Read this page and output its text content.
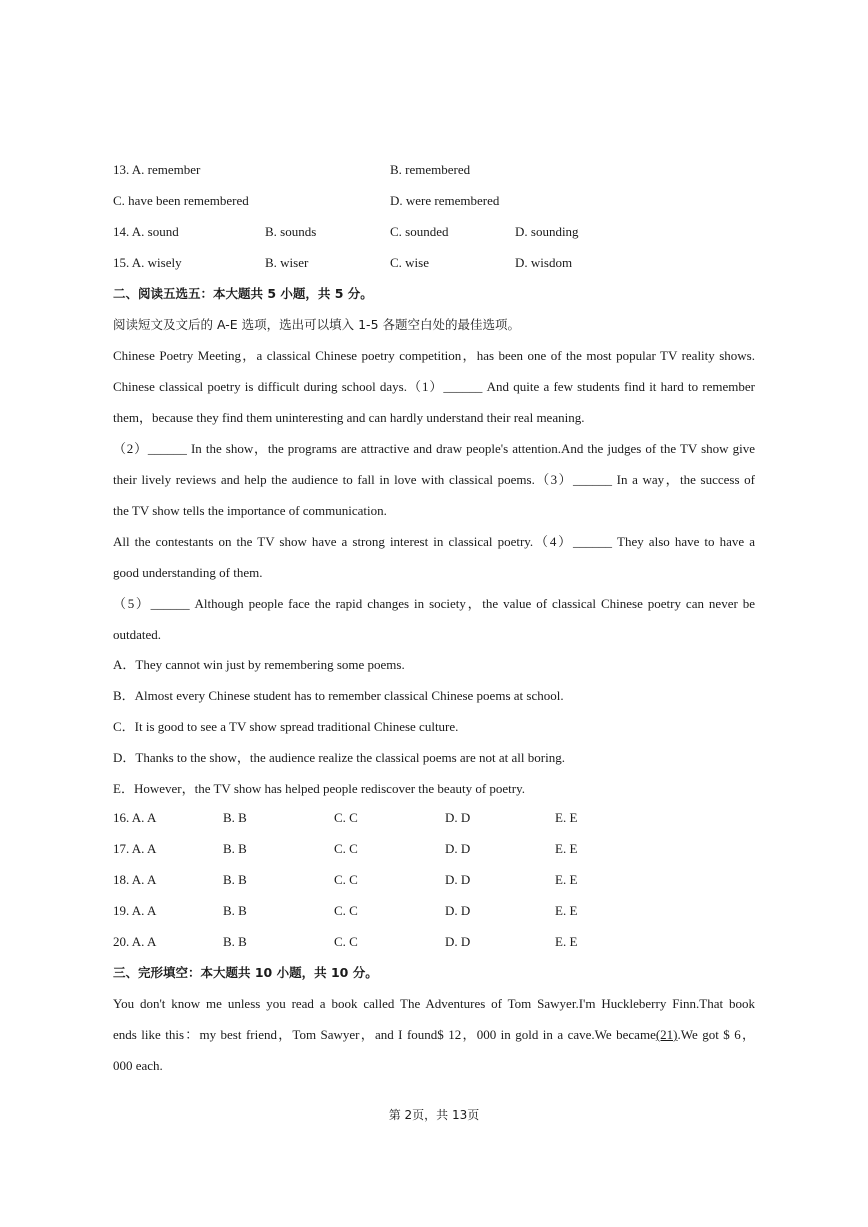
13. A. remember	B. remembered
C. have been remembered	D. were remembered
14. A. sound	B. sounds	C. sounded	D. sounding
15. A. wisely	B. wiser	C. wise	D. wisdom
二、阅读五选五：本大题共 5 小题，共 5 分。
阅读短文及文后的 A-E 选项，选出可以填入 1-5 各题空白处的最佳选项。
Chinese Poetry Meeting，a classical Chinese poetry competition，has been one of the most popular TV reality shows.
Chinese classical poetry is difficult during school days.（1）______ And quite a few students find it hard to remember
them，because they find them uninteresting and can hardly understand their real meaning.
（2）______ In the show，the programs are attractive and draw people's attention.And the judges of the TV show give
their lively reviews and help the audience to fall in love with classical poems.（3）______ In a way，the success of
the TV show tells the importance of communication.
All the contestants on the TV show have a strong interest in classical poetry.（4）______ They also have to have a
good understanding of them.
（5）______ Although people face the rapid changes in society，the value of classical Chinese poetry can never be
outdated.
A．They cannot win just by remembering some poems.
B．Almost every Chinese student has to remember classical Chinese poems at school.
C．It is good to see a TV show spread traditional Chinese culture.
D．Thanks to the show，the audience realize the classical poems are not at all boring.
E．However，the TV show has helped people rediscover the beauty of poetry.
16. A. A	B. B	C. C	D. D	E. E
17. A. A	B. B	C. C	D. D	E. E
18. A. A	B. B	C. C	D. D	E. E
19. A. A	B. B	C. C	D. D	E. E
20. A. A	B. B	C. C	D. D	E. E
三、完形填空：本大题共 10 小题，共 10 分。
You don't know me unless you read a book called The Adventures of Tom Sawyer.I'm Huckleberry Finn.That book
ends like this：my best friend，Tom Sawyer，and I found$ 12，000 in gold in a cave.We became(21).We got $ 6，
000 each.
第 2页，共 13页
